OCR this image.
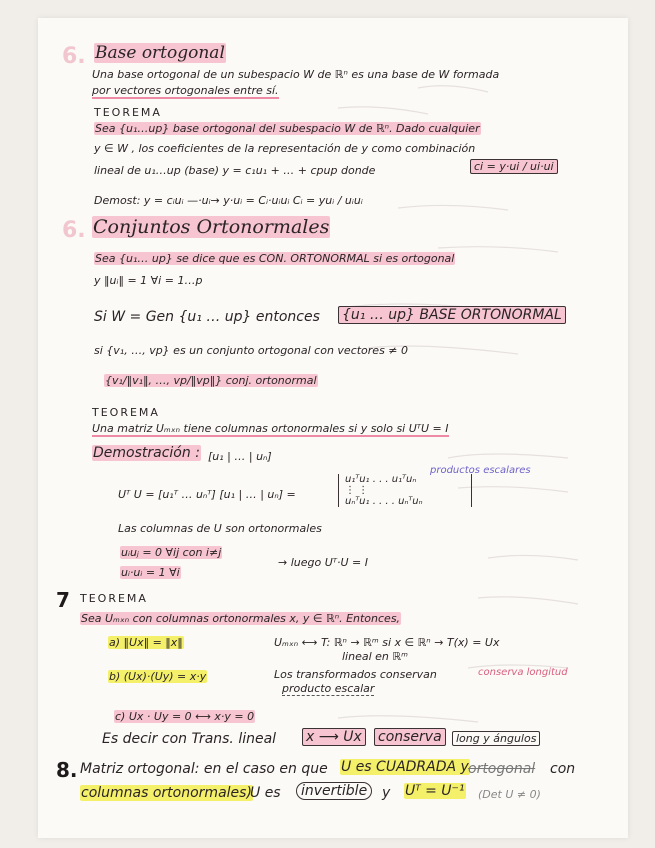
6. Base ortogonal
Una base ortogonal de un subespacio W de ℝⁿ es una base de W formada
por vectores ortogonales entre sí.
TEOREMA
Sea {u₁…up} base ortogonal del subespacio W de ℝⁿ. Dado cualquier
y ∈ W , los coeficientes de la representación de y como combinación
lineal de u₁…up (base) y = c₁u₁ + … + cpup donde	ci = y·ui / ui·ui
Demost: y = cᵢuᵢ —·uᵢ→ y·uᵢ = Cᵢ·uᵢuᵢ Cᵢ = yuᵢ / uᵢuᵢ
6. Conjuntos Ortonormales
Sea {u₁… up} se dice que es CON. ORTONORMAL si es ortogonal
y ‖uᵢ‖ = 1 ∀i = 1…p
Si W = Gen {u₁ … up} entonces {u₁ … up} BASE ORTONORMAL
si {v₁, …, vp} es un conjunto ortogonal con vectores ≠ 0
{v₁/‖v₁‖, …, vp/‖vp‖} conj. ortonormal
TEOREMA
Una matriz Uₘₓₙ tiene columnas ortonormales si y solo si UᵀU = I
Demostración : [u₁ | … | uₙ]
Uᵀ U = [u₁ᵀ … uₙᵀ] [u₁ | … | uₙ] =
u₁ᵀu₁ . . . u₁ᵀuₙ
⋮ ⋮
uₙᵀu₁ . . . . uₙᵀuₙ
productos escalares
Las columnas de U son ortonormales
uᵢuⱼ = 0 ∀ij con i≠j
uᵢ·uᵢ = 1 ∀i
→ luego Uᵀ·U = I
7 TEOREMA
Sea Uₘₓₙ con columnas ortonormales x, y ∈ ℝⁿ. Entonces,
a) ‖Ux‖ = ‖x‖	Uₘₓₙ ⟷ T: ℝⁿ → ℝᵐ si x ∈ ℝⁿ → T(x) = Ux
lineal en ℝᵐ
conserva longitud
b) (Ux)·(Uy) = x·y	Los transformados conservan
producto escalar
c) Ux · Uy = 0 ⟷ x·y = 0
Es decir con Trans. lineal x ⟶ Ux conserva	long y ángulos
8. Matriz ortogonal: en el caso en que U es CUADRADA y ortogonal con
columnas ortonormales)
U es	invertible	y Uᵀ = U⁻¹ (Det U ≠ 0)
